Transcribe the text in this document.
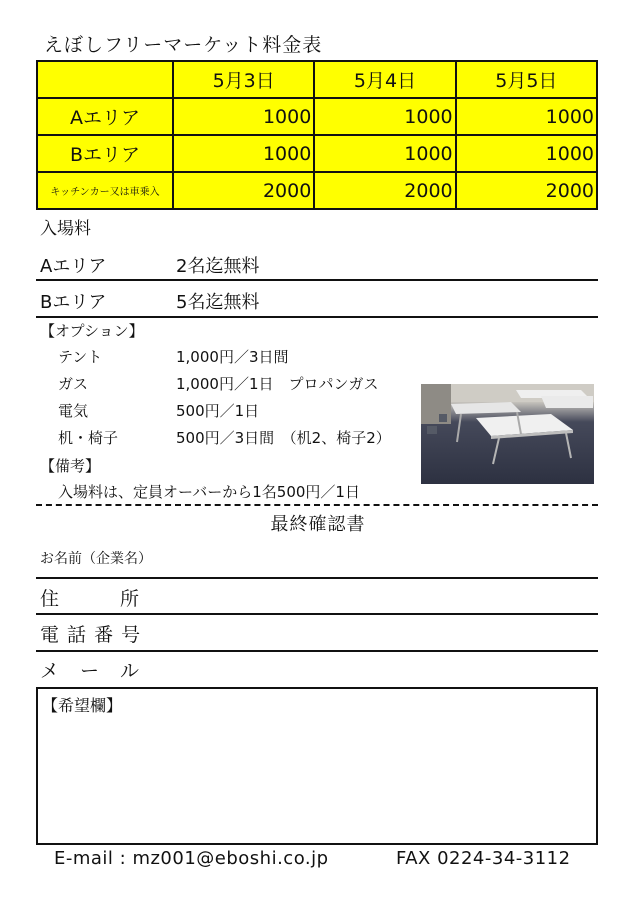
えぼしフリーマーケット料金表
	5月3日	5月4日	5月5日
Aエリア	1000	1000	1000
Bエリア	1000	1000	1000
キッチンカー又は車乗入	2000	2000	2000
入場料
Aエリア	2名迄無料
Bエリア	5名迄無料
【オプション】
テント	1,000円／3日間
ガス	1,000円／1日　プロパンガス
電気	500円／1日
机・椅子	500円／3日間　（机2、椅子2）
【備考】
入場料は、定員オーバーから1名500円／1日
最終確認書
お名前（企業名）
住　　　所
電 話 番 号
メ　ー　ル
【希望欄】
E-mail : mz001@eboshi.co.jp	FAX 0224-34-3112
